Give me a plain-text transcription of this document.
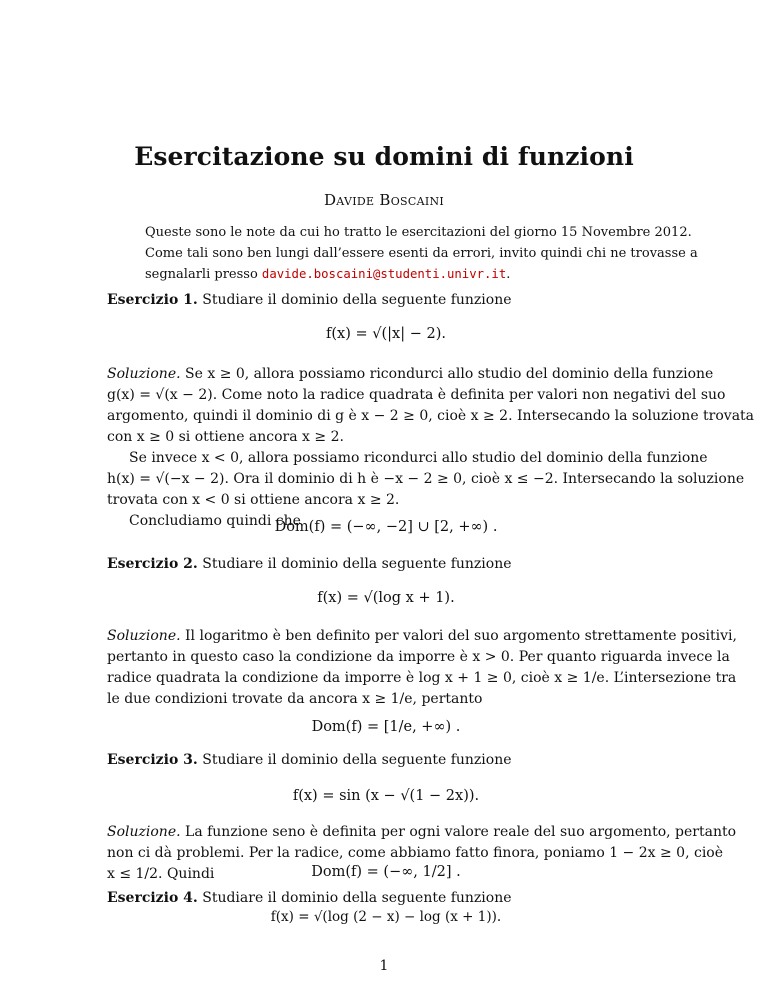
Esercitazione su domini di funzioni
Davide Boscaini
Queste sono le note da cui ho tratto le esercitazioni del giorno 15 Novembre 2012.
Come tali sono ben lungi dall’essere esenti da errori, invito quindi chi ne trovasse a
segnalarli presso davide.boscaini@studenti.univr.it.
Esercizio 1. Studiare il dominio della seguente funzione
f(x) = √(|x| − 2).
Soluzione. Se x ≥ 0, allora possiamo ricondurci allo studio del dominio della funzione
g(x) = √(x − 2). Come noto la radice quadrata è definita per valori non negativi del suo
argomento, quindi il dominio di g è x − 2 ≥ 0, cioè x ≥ 2. Intersecando la soluzione trovata
con x ≥ 0 si ottiene ancora x ≥ 2.
Se invece x < 0, allora possiamo ricondurci allo studio del dominio della funzione
h(x) = √(−x − 2). Ora il dominio di h è −x − 2 ≥ 0, cioè x ≤ −2. Intersecando la soluzione
trovata con x < 0 si ottiene ancora x ≥ 2.
Concludiamo quindi che
Dom(f) = (−∞, −2] ∪ [2, +∞) .
Esercizio 2. Studiare il dominio della seguente funzione
f(x) = √(log x + 1).
Soluzione. Il logaritmo è ben definito per valori del suo argomento strettamente positivi,
pertanto in questo caso la condizione da imporre è x > 0. Per quanto riguarda invece la
radice quadrata la condizione da imporre è log x + 1 ≥ 0, cioè x ≥ 1/e. L’intersezione tra
le due condizioni trovate da ancora x ≥ 1/e, pertanto
Dom(f) = [1/e, +∞) .
Esercizio 3. Studiare il dominio della seguente funzione
f(x) = sin (x − √(1 − 2x)).
Soluzione. La funzione seno è definita per ogni valore reale del suo argomento, pertanto
non ci dà problemi. Per la radice, come abbiamo fatto finora, poniamo 1 − 2x ≥ 0, cioè
x ≤ 1/2. Quindi	Dom(f) = (−∞, 1/2] .
Esercizio 4. Studiare il dominio della seguente funzione
f(x) = √(log (2 − x) − log (x + 1)).
1
